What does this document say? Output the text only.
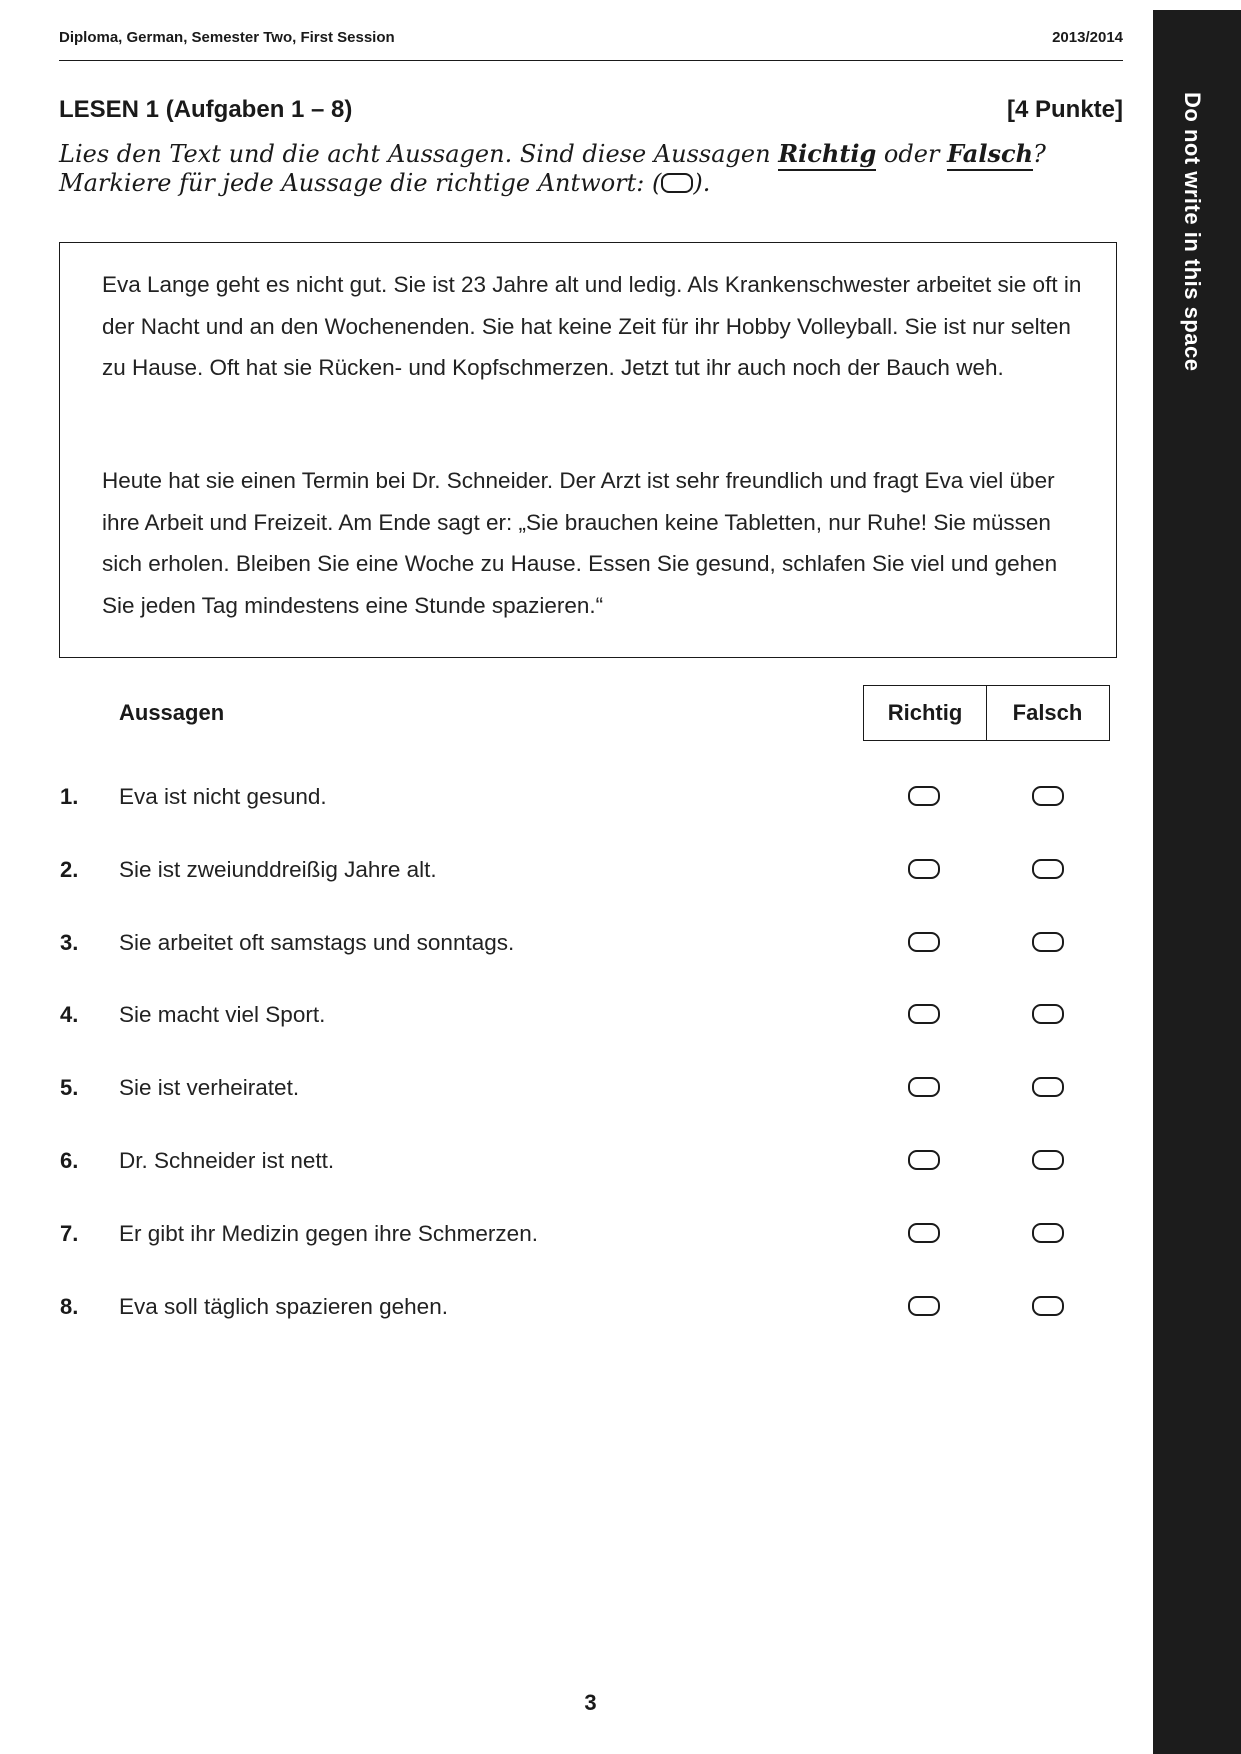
Diploma, German, Semester Two, First Session	2013/2014
Do not write in this space
LESEN 1 (Aufgaben 1 – 8)	[4 Punkte]
Lies den Text und die acht Aussagen. Sind diese Aussagen Richtig oder Falsch?
Markiere für jede Aussage die richtige Antwort: ( ).
Eva Lange geht es nicht gut. Sie ist 23 Jahre alt und ledig. Als Krankenschwester arbeitet sie oft in der Nacht und an den Wochenenden. Sie hat keine Zeit für ihr Hobby Volleyball. Sie ist nur selten zu Hause. Oft hat sie Rücken- und Kopfschmerzen. Jetzt tut ihr auch noch der Bauch weh.
Heute hat sie einen Termin bei Dr. Schneider. Der Arzt ist sehr freundlich und fragt Eva viel über ihre Arbeit und Freizeit. Am Ende sagt er: „Sie brauchen keine Tabletten, nur Ruhe! Sie müssen sich erholen. Bleiben Sie eine Woche zu Hause. Essen Sie gesund, schlafen Sie viel und gehen Sie jeden Tag mindestens eine Stunde spazieren.“
Aussagen	Richtig	Falsch
1. Eva ist nicht gesund.
2. Sie ist zweiunddreißig Jahre alt.
3. Sie arbeitet oft samstags und sonntags.
4. Sie macht viel Sport.
5. Sie ist verheiratet.
6. Dr. Schneider ist nett.
7. Er gibt ihr Medizin gegen ihre Schmerzen.
8. Eva soll täglich spazieren gehen.
3
